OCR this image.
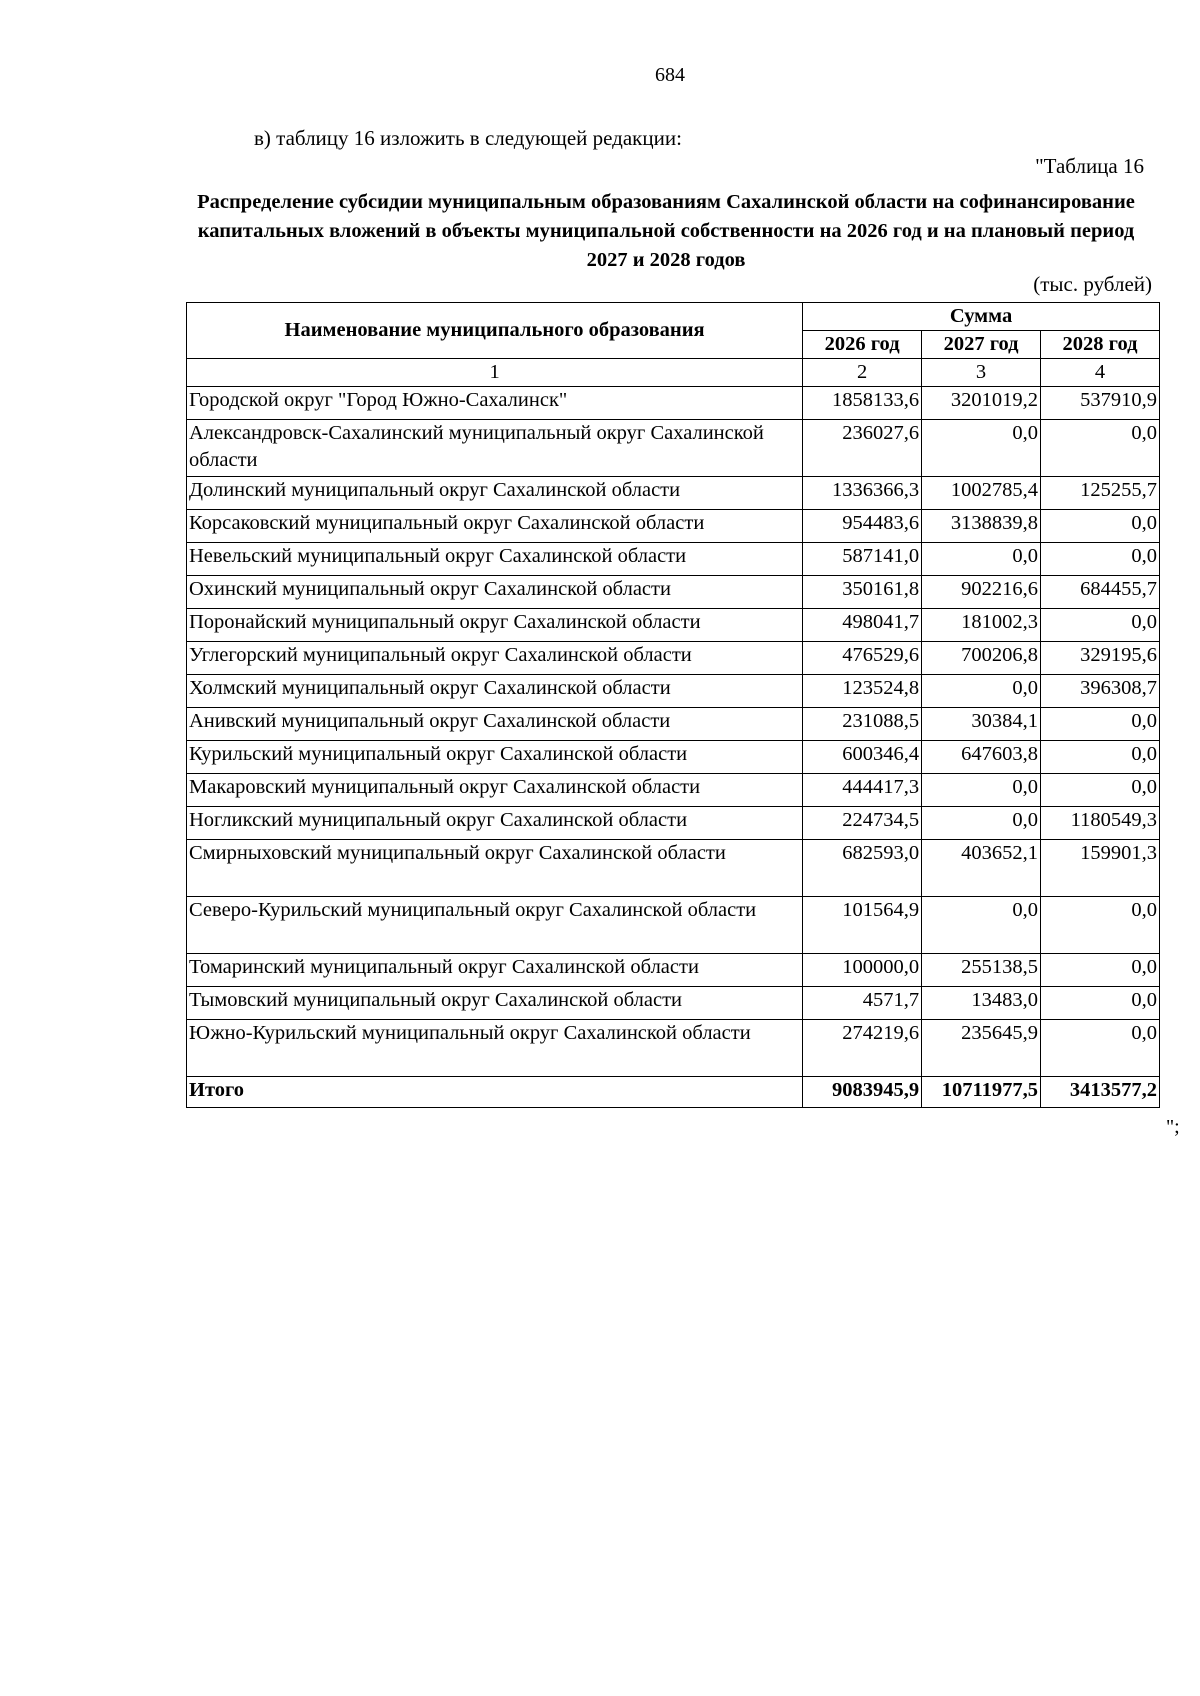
684
в) таблицу 16 изложить в следующей редакции:
"Таблица 16
Распределение субсидии муниципальным образованиям Сахалинской области на софинансирование капитальных вложений в объекты муниципальной собственности на 2026 год и на плановый период 2027 и 2028 годов
(тыс. рублей)
Наименование муниципального образования	Сумма		
	2026 год	2027 год	2028 год
1	2	3	4
Городской округ "Город Южно-Сахалинск"	1858133,6	3201019,2	537910,9
Александровск-Сахалинский муниципальный округ Сахалинской области	236027,6	0,0	0,0
Долинский муниципальный округ Сахалинской области	1336366,3	1002785,4	125255,7
Корсаковский муниципальный округ Сахалинской области	954483,6	3138839,8	0,0
Невельский муниципальный округ Сахалинской области	587141,0	0,0	0,0
Охинский муниципальный округ Сахалинской области	350161,8	902216,6	684455,7
Поронайский муниципальный округ Сахалинской области	498041,7	181002,3	0,0
Углегорский муниципальный округ Сахалинской области	476529,6	700206,8	329195,6
Холмский муниципальный округ Сахалинской области	123524,8	0,0	396308,7
Анивский муниципальный округ Сахалинской области	231088,5	30384,1	0,0
Курильский муниципальный округ Сахалинской области	600346,4	647603,8	0,0
Макаровский муниципальный округ Сахалинской области	444417,3	0,0	0,0
Ногликский муниципальный округ Сахалинской области	224734,5	0,0	1180549,3
Смирныховский муниципальный округ Сахалинской области	682593,0	403652,1	159901,3
Северо-Курильский муниципальный округ Сахалинской области	101564,9	0,0	0,0
Томаринский муниципальный округ Сахалинской области	100000,0	255138,5	0,0
Тымовский муниципальный округ Сахалинской области	4571,7	13483,0	0,0
Южно-Курильский муниципальный округ Сахалинской области	274219,6	235645,9	0,0
Итого	9083945,9	10711977,5	3413577,2
";
